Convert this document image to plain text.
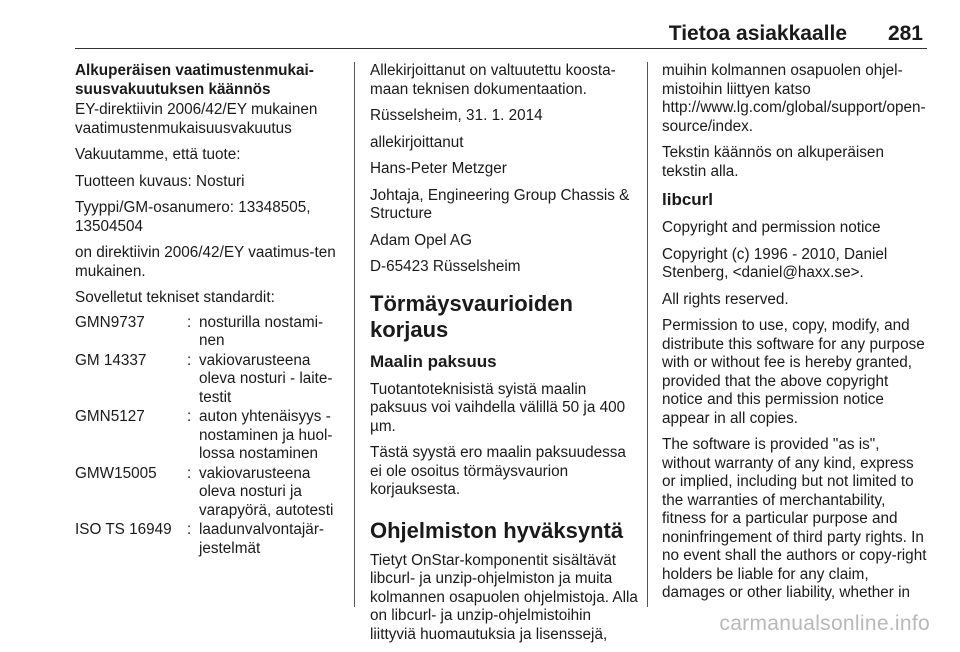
Tietoa asiakkaalle 281

Alkuperäisen vaatimustenmukai-
suusvakuutuksen käännös

EY-direktiivin 2006/42/EY mukainen vaatimustenmukaisuusvakuutus

Vakuutamme, että tuote:

Tuotteen kuvaus: Nosturi

Tyyppi/GM-osanumero: 13348505, 13504504

on direktiivin 2006/42/EY vaatimus-ten mukainen.

Sovelletut tekniset standardit:

GMN9737	:	nosturilla nostami-nen
GM 14337	:	vakiovarusteena oleva nosturi - laite-testit
GMN5127	:	auton yhtenäisyys - nostaminen ja huol-lossa nostaminen
GMW15005	:	vakiovarusteena oleva nosturi ja varapyörä, autotesti
ISO TS 16949	:	laadunvalvontajär-jestelmät

Allekirjoittanut on valtuutettu koosta-maan teknisen dokumentaation.

Rüsselsheim, 31. 1. 2014

allekirjoittanut

Hans-Peter Metzger

Johtaja, Engineering Group Chassis & Structure

Adam Opel AG

D-65423 Rüsselsheim

Törmäysvaurioiden korjaus
Maalin paksuus

Tuotantoteknisistä syistä maalin paksuus voi vaihdella välillä 50 ja 400 µm.

Tästä syystä ero maalin paksuudessa ei ole osoitus törmäysvaurion korjauksesta.

Ohjelmiston hyväksyntä

Tietyt OnStar-komponentit sisältävät libcurl- ja unzip-ohjelmiston ja muita kolmannen osapuolen ohjelmistoja. Alla on libcurl- ja unzip-ohjelmistoihin liittyviä huomautuksia ja lisenssejä,

muihin kolmannen osapuolen ohjel-mistoihin liittyen katso http://www.lg.com/global/support/open-source/index.

Tekstin käännös on alkuperäisen tekstin alla.

libcurl

Copyright and permission notice

Copyright (c) 1996 - 2010, Daniel Stenberg, <daniel@haxx.se>.

All rights reserved.

Permission to use, copy, modify, and distribute this software for any purpose with or without fee is hereby granted, provided that the above copyright notice and this permission notice appear in all copies.

The software is provided "as is", without warranty of any kind, express or implied, including but not limited to the warranties of merchantability, fitness for a particular purpose and noninfringement of third party rights. In no event shall the authors or copy-right holders be liable for any claim, damages or other liability, whether in

carmanualsonline.info
